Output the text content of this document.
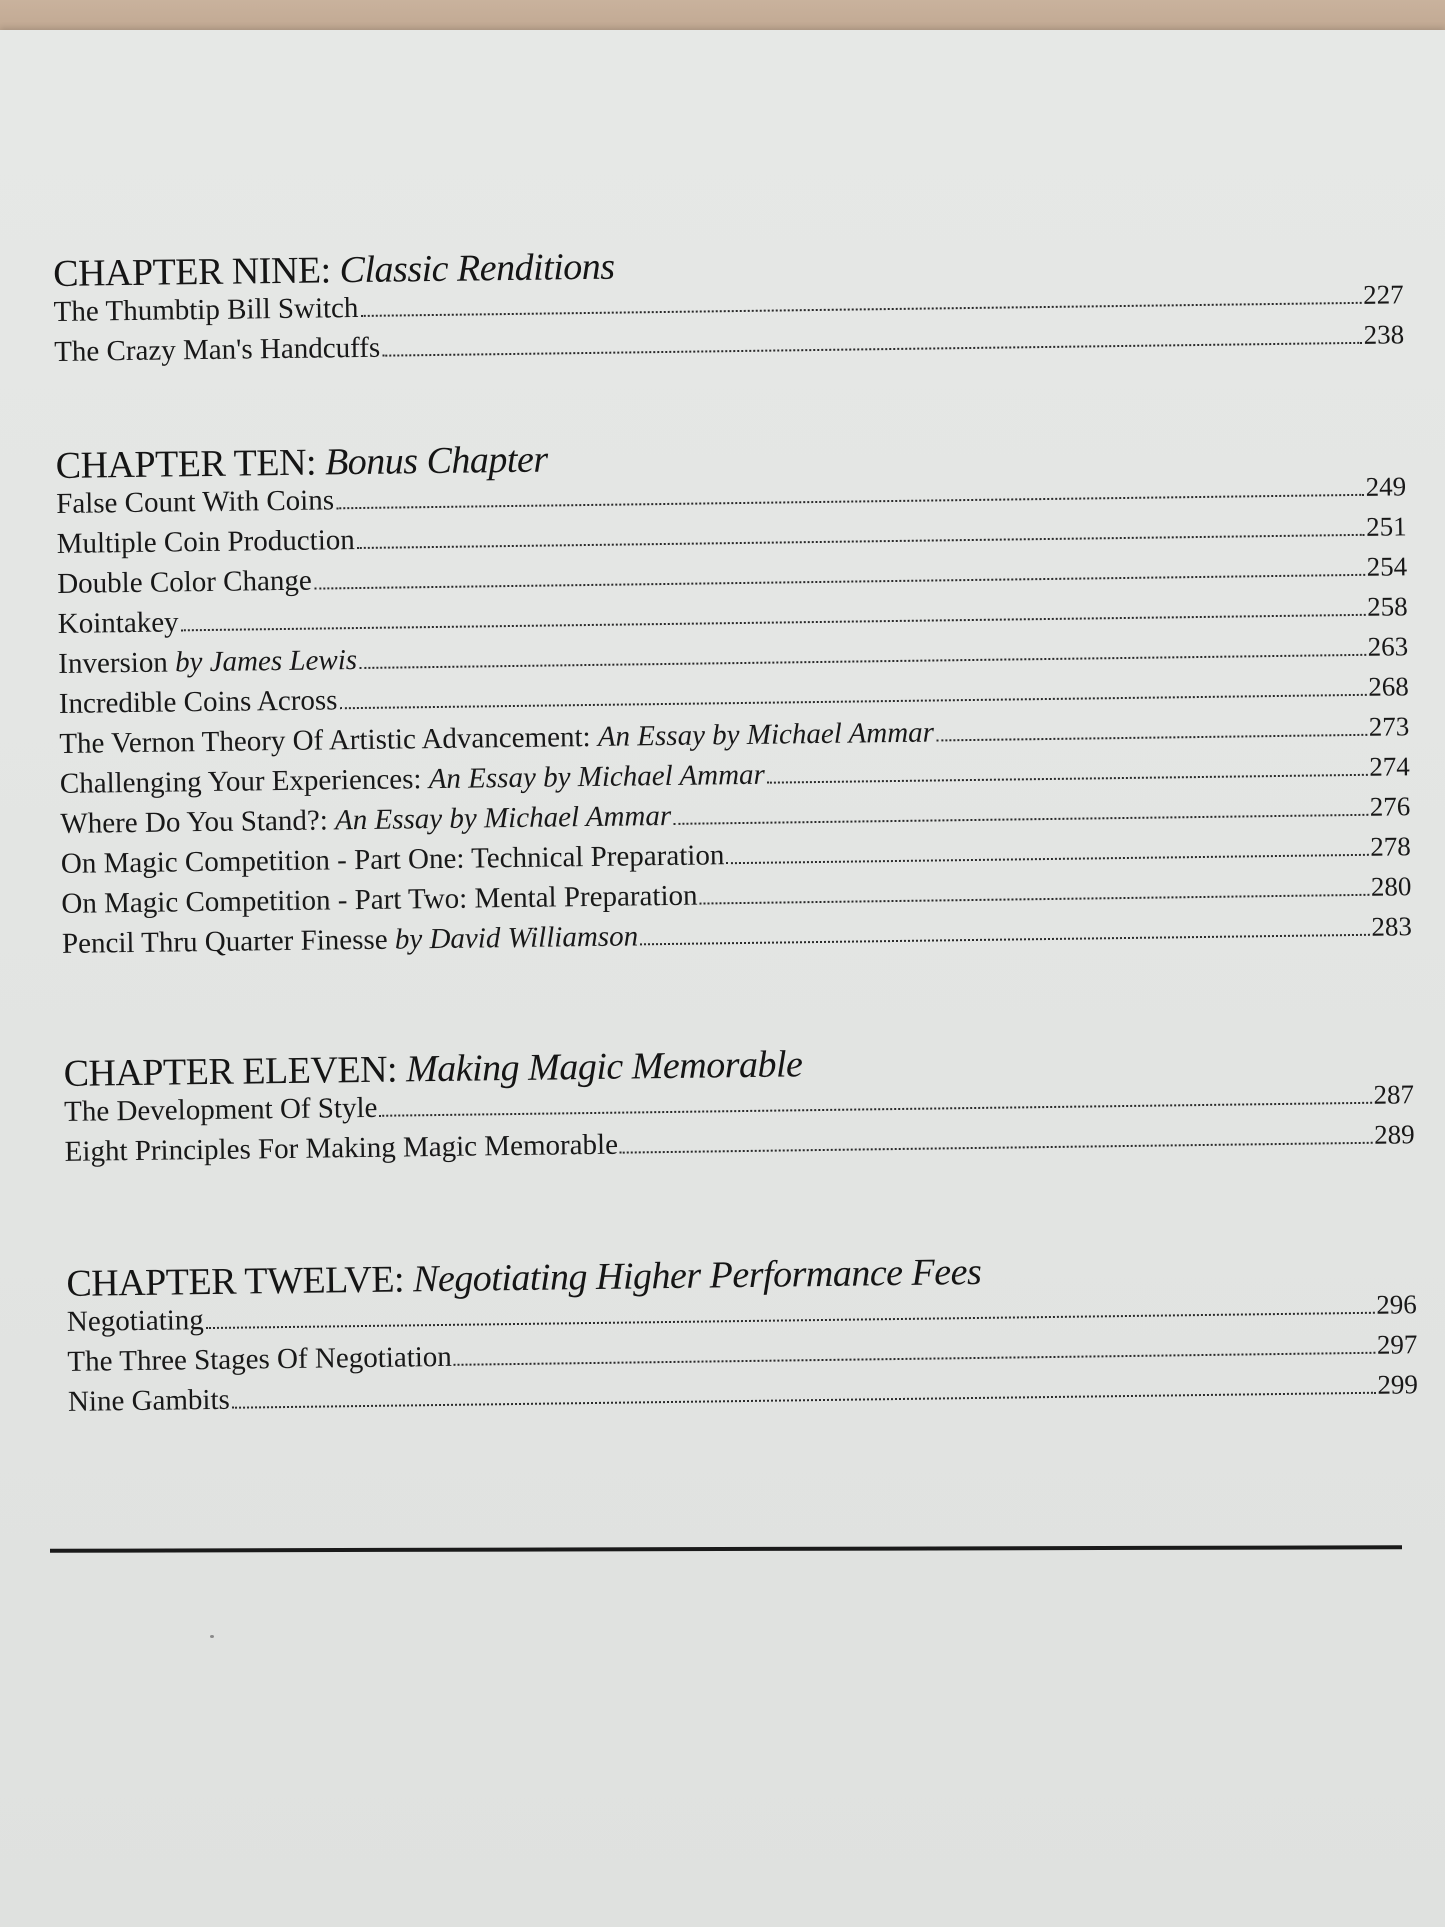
CHAPTER NINE: Classic Renditions
The Thumbtip Bill Switch	227
The Crazy Man's Handcuffs	238
CHAPTER TEN: Bonus Chapter
False Count With Coins	249
Multiple Coin Production	251
Double Color Change	254
Kointakey	258
Inversion by James Lewis	263
Incredible Coins Across	268
The Vernon Theory Of Artistic Advancement: An Essay by Michael Ammar	273
Challenging Your Experiences: An Essay by Michael Ammar	274
Where Do You Stand?: An Essay by Michael Ammar	276
On Magic Competition - Part One: Technical Preparation	278
On Magic Competition - Part Two: Mental Preparation	280
Pencil Thru Quarter Finesse by David Williamson	283
CHAPTER ELEVEN: Making Magic Memorable
The Development Of Style	287
Eight Principles For Making Magic Memorable	289
CHAPTER TWELVE: Negotiating Higher Performance Fees
Negotiating	296
The Three Stages Of Negotiation	297
Nine Gambits	299
